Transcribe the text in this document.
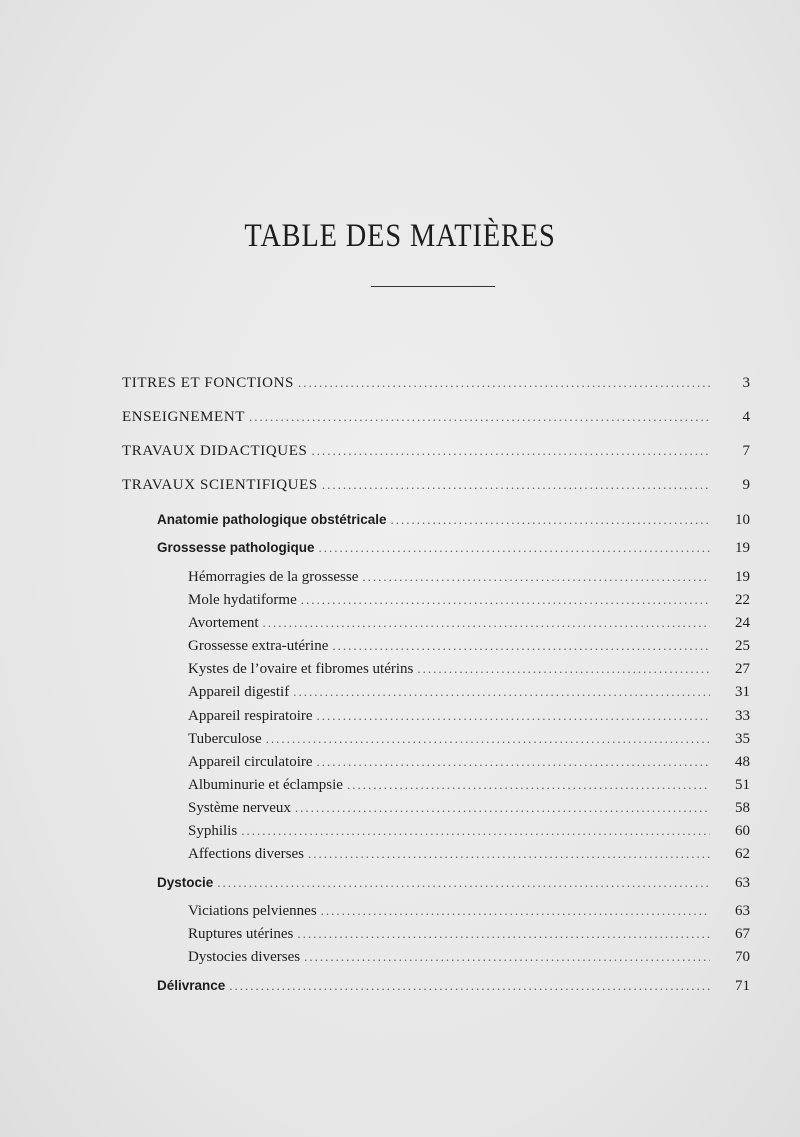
TABLE DES MATIÈRES
TITRES ET FONCTIONS .....	3
ENSEIGNEMENT .....	4
TRAVAUX DIDACTIQUES .....	7
TRAVAUX SCIENTIFIQUES .....	9
Anatomie pathologique obstétricale .....	10
Grossesse pathologique .....	19
Hémorragies de la grossesse .....	19
Mole hydatiforme .....	22
Avortement .....	24
Grossesse extra-utérine .....	25
Kystes de l’ovaire et fibromes utérins .....	27
Appareil digestif .....	31
Appareil respiratoire .....	33
Tuberculose .....	35
Appareil circulatoire .....	48
Albuminurie et éclampsie .....	51
Système nerveux .....	58
Syphilis .....	60
Affections diverses .....	62
Dystocie .....	63
Viciations pelviennes .....	63
Ruptures utérines .....	67
Dystocies diverses .....	70
Délivrance .....	71
